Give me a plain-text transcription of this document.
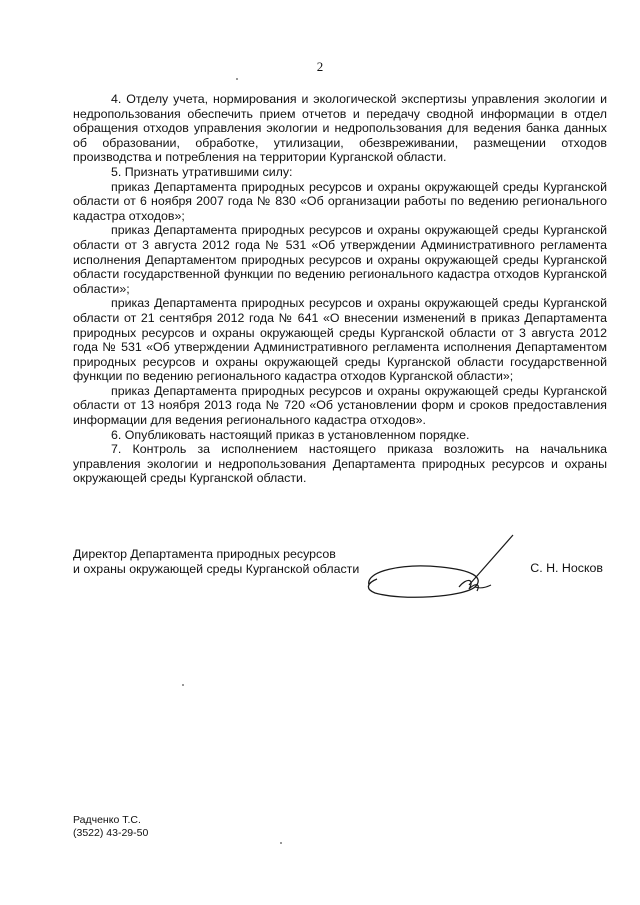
2

4. Отделу учета, нормирования и экологической экспертизы управления экологии и недропользования обеспечить прием отчетов и передачу сводной информации в отдел обращения отходов управления экологии и недропользования для ведения банка данных об образовании, обработке, утилизации, обезвреживании, размещении отходов производства и потребления на территории Курганской области.

5. Признать утратившими силу:

приказ Департамента природных ресурсов и охраны окружающей среды Курганской области от 6 ноября 2007 года № 830 «Об организации работы по ведению регионального кадастра отходов»;

приказ Департамента природных ресурсов и охраны окружающей среды Курганской области от 3 августа 2012 года № 531 «Об утверждении Административного регламента исполнения Департаментом природных ресурсов и охраны окружающей среды Курганской области государственной функции по ведению регионального кадастра отходов Курганской области»;

приказ Департамента природных ресурсов и охраны окружающей среды Курганской области от 21 сентября 2012 года № 641 «О внесении изменений в приказ Департамента природных ресурсов и охраны окружающей среды Курганской области от 3 августа 2012 года № 531 «Об утверждении Административного регламента исполнения Департаментом природных ресурсов и охраны окружающей среды Курганской области государственной функции по ведению регионального кадастра отходов Курганской области»;

приказ Департамента природных ресурсов и охраны окружающей среды Курганской области от 13 ноября 2013 года № 720 «Об установлении форм и сроков предоставления информации для ведения регионального кадастра отходов».

6. Опубликовать настоящий приказ в установленном порядке.

7. Контроль за исполнением настоящего приказа возложить на начальника управления экологии и недропользования Департамента природных ресурсов и охраны окружающей среды Курганской области.

Директор Департамента природных ресурсов
и охраны окружающей среды Курганской области	С. Н. Носков
Радченко Т.С.
(3522) 43-29-50
